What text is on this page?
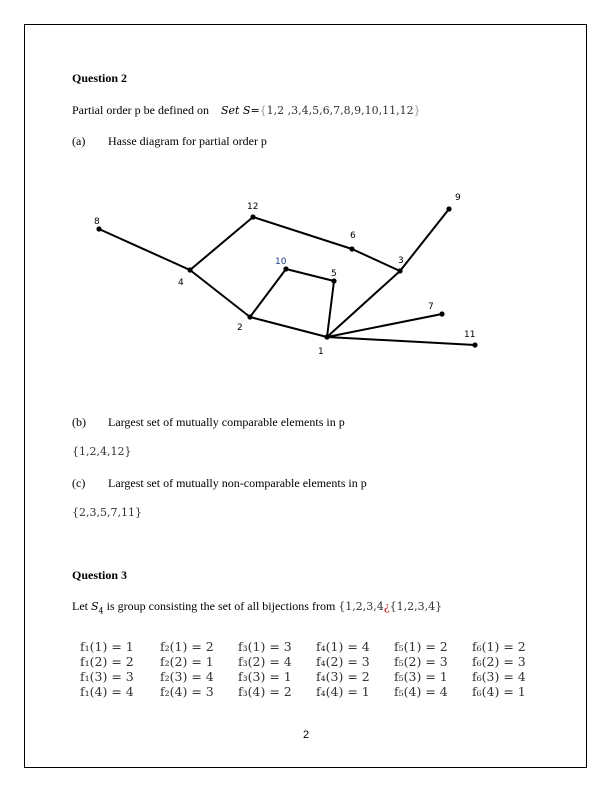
Question 2
Partial order p be defined on Set S={1,2 ,3,4,5,6,7,8,9,10,11,12}
(a) Hasse diagram for partial order p
1
2
3
4
5
6
7
8
9
10
11
12
(b) Largest set of mutually comparable elements in p
{1,2,4,12}
(c) Largest set of mutually non-comparable elements in p
{2,3,5,7,11}
Question 3
Let $S_4$ is group consisting the set of all bijections from {1,2,3,4¿{1,2,3,4}
f₁(1) = 1
f₁(2) = 2
f₁(3) = 3
f₁(4) = 4
f₂(1) = 2
f₂(2) = 1
f₂(3) = 4
f₂(4) = 3
f₃(1) = 3
f₃(2) = 4
f₃(3) = 1
f₃(4) = 2
f₄(1) = 4
f₄(2) = 3
f₄(3) = 2
f₄(4) = 1
f₅(1) = 2
f₅(2) = 3
f₅(3) = 1
f₅(4) = 4
f₆(1) = 2
f₆(2) = 3
f₆(3) = 4
f₆(4) = 1
2
